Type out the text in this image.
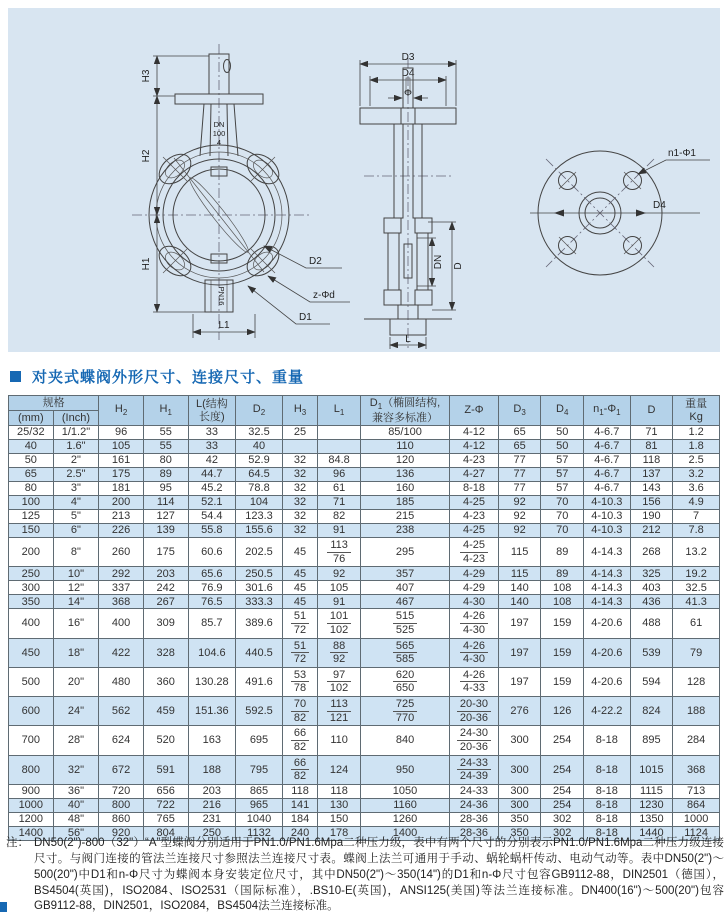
DN
100
4
PN16
H3
H2
H1
L1
D2
z-Φd
D1
D3
D4
Φ
DN D
L
n1-Φ1
D4
对夹式蝶阀外形尺寸、连接尺寸、重量
规格		$H_2$	$H_1$	L(结构
长度)	$D_2$	$H_3$	$L_1$	$D_1$（椭圆结构,
兼容多标准）	Z-Φ	$D_3$	$D_4$	$n_1-\Phi_1$	D	重量
Kg
(mm)	(Inch)													
25/32	1/1.2"	96	55	33	32.5	25		85/100	4-12	65	50	4-6.7	71	1.2
40	1.6"	105	55	33	40			110	4-12	65	50	4-6.7	81	1.8
50	2"	161	80	42	52.9	32	84.8	120	4-23	77	57	4-6.7	118	2.5
65	2.5"	175	89	44.7	64.5	32	96	136	4-27	77	57	4-6.7	137	3.2
80	3"	181	95	45.2	78.8	32	61	160	8-18	77	57	4-6.7	143	3.6
100	4"	200	114	52.1	104	32	71	185	4-25	92	70	4-10.3	156	4.9
125	5"	213	127	54.4	123.3	32	82	215	4-23	92	70	4-10.3	190	7
150	6"	226	139	55.8	155.6	32	91	238	4-25	92	70	4-10.3	212	7.8
200	8"	260	175	60.6	202.5	45	$\frac{113}{76}$	295	$\frac{4-25}{4-23}$	115	89	4-14.3	268	13.2
250	10"	292	203	65.6	250.5	45	92	357	4-29	115	89	4-14.3	325	19.2
300	12"	337	242	76.9	301.6	45	105	407	4-29	140	108	4-14.3	403	32.5
350	14"	368	267	76.5	333.3	45	91	467	4-30	140	108	4-14.3	436	41.3
400	16"	400	309	85.7	389.6	$\frac{51}{72}$	$\frac{101}{102}$	$\frac{515}{525}$	$\frac{4-26}{4-30}$	197	159	4-20.6	488	61
450	18"	422	328	104.6	440.5	$\frac{51}{72}$	$\frac{88}{92}$	$\frac{565}{585}$	$\frac{4-26}{4-30}$	197	159	4-20.6	539	79
500	20"	480	360	130.28	491.6	$\frac{53}{78}$	$\frac{97}{102}$	$\frac{620}{650}$	$\frac{4-26}{4-33}$	197	159	4-20.6	594	128
600	24"	562	459	151.36	592.5	$\frac{70}{82}$	$\frac{113}{121}$	$\frac{725}{770}$	$\frac{20-30}{20-36}$	276	126	4-22.2	824	188
700	28"	624	520	163	695	$\frac{66}{82}$	110	840	$\frac{24-30}{20-36}$	300	254	8-18	895	284
800	32"	672	591	188	795	$\frac{66}{82}$	124	950	$\frac{24-33}{24-39}$	300	254	8-18	1015	368
900	36"	720	656	203	865	118	118	1050	24-33	300	254	8-18	1115	713
1000	40"	800	722	216	965	141	130	1160	24-36	300	254	8-18	1230	864
1200	48"	860	765	231	1040	184	150	1260	28-36	350	302	8-18	1350	1000
1400	56"	920	804	250	1132	240	178	1400	28-36	350	302	8-18	1440	1124
注： DN50(2")-800（32"）“A”型蝶阀分别适用于PN1.0/PN1.6Mpa二种压力级，表中有两个尺寸的分别表示PN1.0/PN1.6Mpa二种压力级连接尺寸。与阀门连接的管法兰连接尺寸参照法兰连接尺寸表。蝶阀上法兰可通用于手动、蜗轮蜗杆传动、电动气动等。表中DN50(2")～500(20")中D1和n-Φ尺寸为蝶阀本身安装定位尺寸，其中DN50(2")～350(14")的D1和n-Φ尺寸包容GB9112-88，DIN2501（德国），BS4504(英国)，ISO2084、ISO2531（国际标准），.BS10-E(英国)，ANSI125(美国)等法兰连接标准。DN400(16")～500(20")包容GB9112-88，DIN2501，ISO2084，BS4504法兰连接标准。
